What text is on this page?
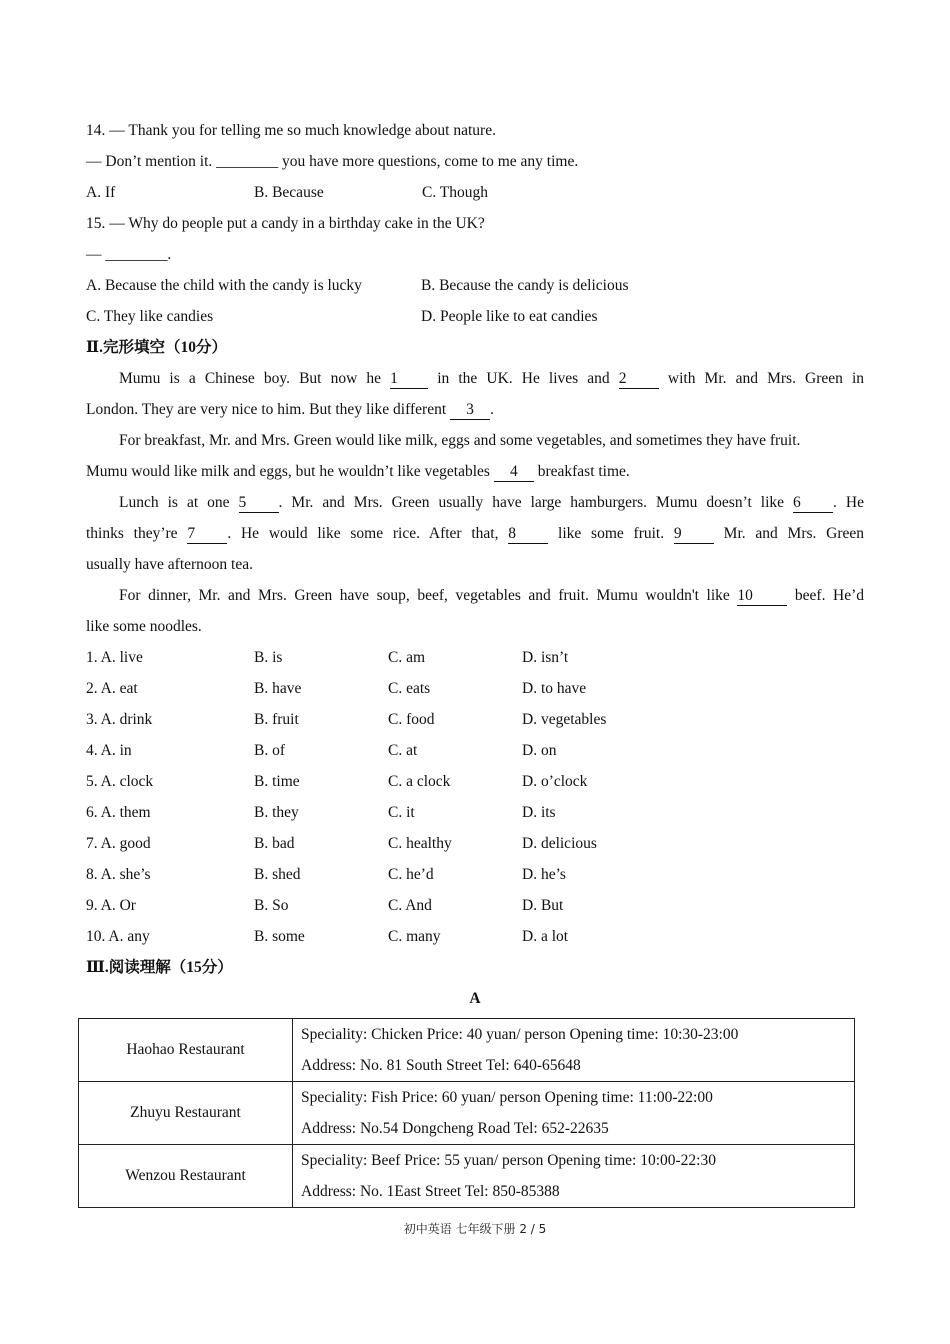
14. — Thank you for telling me so much knowledge about nature.
— Don’t mention it. ________ you have more questions, come to me any time.
A. If	B. Because	C. Though
15. — Why do people put a candy in a birthday cake in the UK?
— ________.
A. Because the child with the candy is lucky	B. Because the candy is delicious
C. They like candies	D. People like to eat candies
Ⅱ.完形填空（10分）
Mumu is a Chinese boy. But now he 1	in the UK. He lives and 2	with Mr. and Mrs. Green in
London. They are very nice to him. But they like different 3 .
For breakfast, Mr. and Mrs. Green would like milk, eggs and some vegetables, and sometimes they have fruit.
Mumu would like milk and eggs, but he wouldn’t like vegetables 4 breakfast time.
Lunch is at one 5 . Mr. and Mrs. Green usually have large hamburgers. Mumu doesn’t like 6 . He
thinks they’re 7 . He would like some rice. After that, 8	like some fruit. 9	Mr. and Mrs. Green
usually have afternoon tea.
For dinner, Mr. and Mrs. Green have soup, beef, vegetables and fruit. Mumu wouldn't like 10	beef. He’d
like some noodles.
1. A. live	B. is	C. am	D. isn’t
2. A. eat	B. have	C. eats	D. to have
3. A. drink	B. fruit	C. food	D. vegetables
4. A. in	B. of	C. at	D. on
5. A. clock	B. time	C. a clock	D. o’clock
6. A. them	B. they	C. it	D. its
7. A. good	B. bad	C. healthy	D. delicious
8. A. she’s	B. shed	C. he’d	D. he’s
9. A. Or	B. So	C. And	D. But
10. A. any	B. some	C. many	D. a lot
Ⅲ.阅读理解（15分）
A
Haohao Restaurant	Speciality: Chicken Price: 40 yuan/ person Opening time: 10:30-23:00
Address: No. 81 South Street Tel: 640-65648

Zhuyu Restaurant	Speciality: Fish Price: 60 yuan/ person Opening time: 11:00-22:00
Address: No.54 Dongcheng Road Tel: 652-22635

Wenzou Restaurant	Speciality: Beef Price: 55 yuan/ person Opening time: 10:00-22:30
Address: No. 1East Street Tel: 850-85388
初中英语 七年级下册 2 / 5
